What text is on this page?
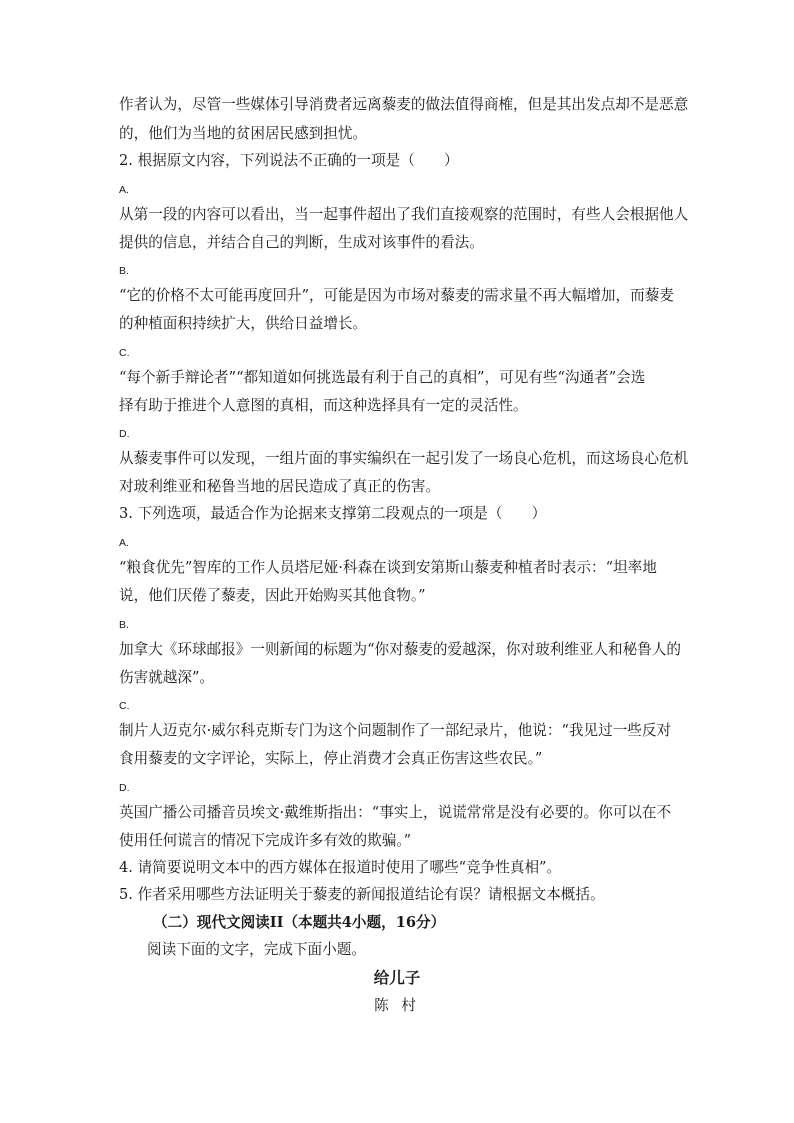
作者认为，尽管一些媒体引导消费者远离藜麦的做法值得商榷，但是其出发点却不是恶意
的，他们为当地的贫困居民感到担忧。
2. 根据原文内容，下列说法不正确的一项是（　　）
A.
从第一段的内容可以看出，当一起事件超出了我们直接观察的范围时，有些人会根据他人
提供的信息，并结合自己的判断，生成对该事件的看法。
B.
“它的价格不太可能再度回升”，可能是因为市场对藜麦的需求量不再大幅增加，而藜麦
的种植面积持续扩大，供给日益增长。
C.
“每个新手辩论者”“都知道如何挑选最有利于自己的真相”，可见有些“沟通者”会选
择有助于推进个人意图的真相，而这种选择具有一定的灵活性。
D.
从藜麦事件可以发现，一组片面的事实编织在一起引发了一场良心危机，而这场良心危机
对玻利维亚和秘鲁当地的居民造成了真正的伤害。
3. 下列选项，最适合作为论据来支撑第二段观点的一项是（　　）
A.
“粮食优先”智库的工作人员塔尼娅·科森在谈到安第斯山藜麦种植者时表示：“坦率地
说，他们厌倦了藜麦，因此开始购买其他食物。”
B.
加拿大《环球邮报》一则新闻的标题为“你对藜麦的爱越深，你对玻利维亚人和秘鲁人的
伤害就越深”。
C.
制片人迈克尔·威尔科克斯专门为这个问题制作了一部纪录片，他说：“我见过一些反对
食用藜麦的文字评论，实际上，停止消费才会真正伤害这些农民。”
D.
英国广播公司播音员埃文·戴维斯指出：“事实上，说谎常常是没有必要的。你可以在不
使用任何谎言的情况下完成许多有效的欺骗。”
4. 请简要说明文本中的西方媒体在报道时使用了哪些“竞争性真相”。
5. 作者采用哪些方法证明关于藜麦的新闻报道结论有误？请根据文本概括。
（二）现代文阅读II（本题共4小题，16分）
阅读下面的文字，完成下面小题。
给儿子
陈 村
